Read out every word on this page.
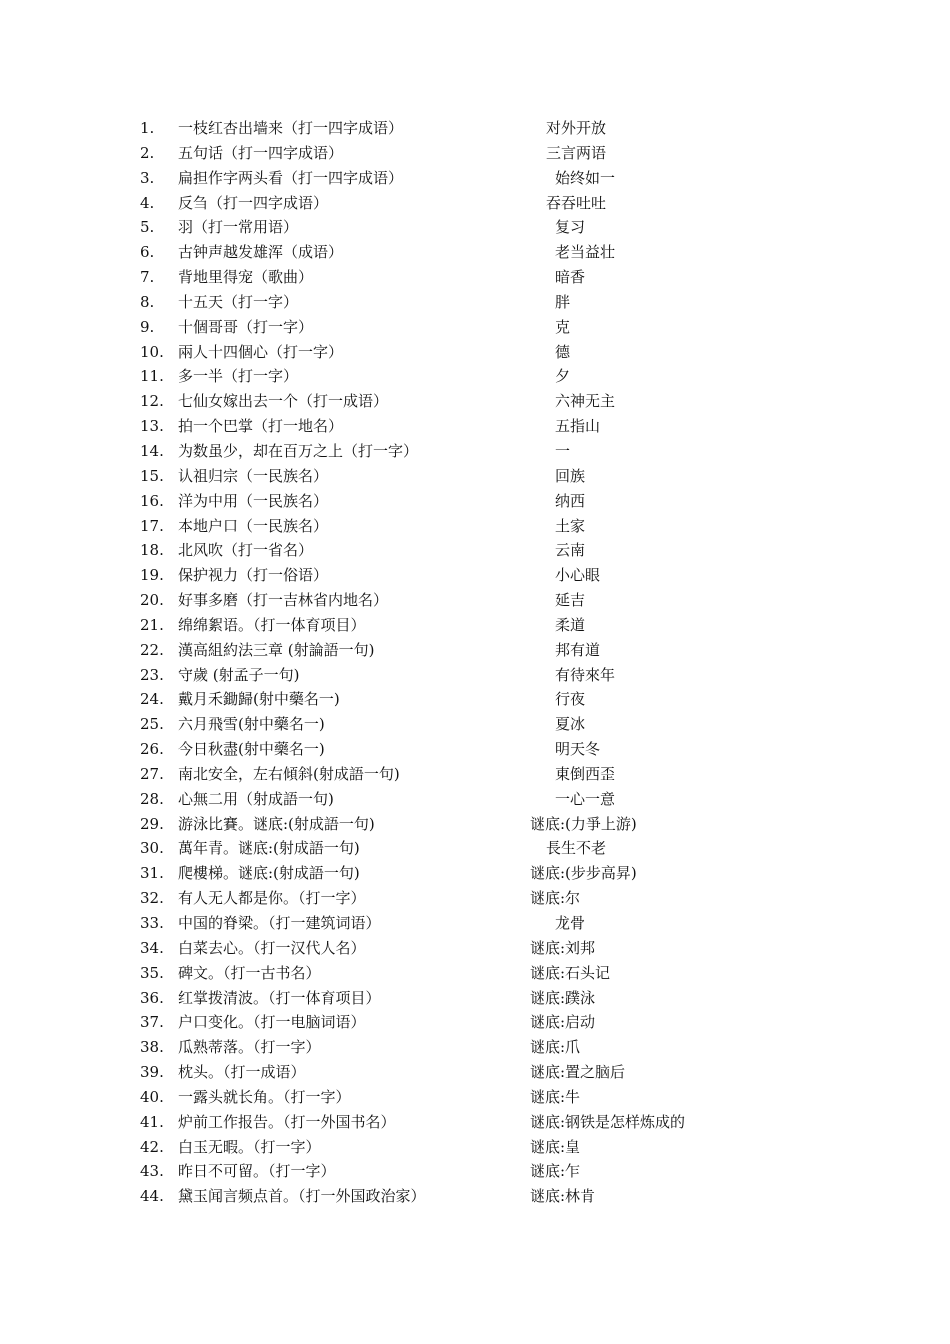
1.	一枝红杏出墙来（打一四字成语）	对外开放
2.	五句话（打一四字成语）	三言两语
3.	扁担作字两头看（打一四字成语）	始终如一
4.	反刍（打一四字成语）	吞吞吐吐
5.	羽（打一常用语）	复习
6.	古钟声越发雄浑（成语）	老当益壮
7.	背地里得宠（歌曲）	暗香
8.	十五天（打一字）	胖
9.	十個哥哥（打一字）	克
10. 兩人十四個心（打一字）	德
11. 多一半（打一字）	夕
12. 七仙女嫁出去一个（打一成语）	六神无主
13. 拍一个巴掌（打一地名）	五指山
14. 为数虽少，却在百万之上（打一字）	一
15. 认祖归宗（一民族名）	回族
16. 洋为中用（一民族名）	纳西
17. 本地户口（一民族名）	土家
18. 北风吹（打一省名）	云南
19. 保护视力（打一俗语）	小心眼
20. 好事多磨（打一吉林省内地名）	延吉
21. 绵绵絮语。（打一体育项目）	柔道
22. 漢高組約法三章 (射論語一句)	邦有道
23. 守歲 (射孟子一句)	有待來年
24. 戴月禾鋤歸(射中藥名一)	行夜
25. 六月飛雪(射中藥名一)	夏冰
26. 今日秋盡(射中藥名一)	明天冬
27. 南北安全，左右傾斜(射成語一句)	東倒西歪
28. 心無二用（射成語一句)	一心一意
29. 游泳比賽。谜底:(射成語一句)	谜底:(力爭上游)
30. 萬年青。谜底:(射成語一句)	長生不老
31. 爬樓梯。谜底:(射成語一句)	谜底:(步步高昇)
32. 有人无人都是你。（打一字）	谜底:尔
33. 中国的脊梁。（打一建筑词语）	龙骨
34. 白菜去心。（打一汉代人名）	谜底:刘邦
35. 碑文。（打一古书名）	谜底:石头记
36. 红掌拨清波。（打一体育项目）	谜底:蹼泳
37. 户口变化。（打一电脑词语）	谜底:启动
38. 瓜熟蒂落。（打一字）	谜底:爪
39. 枕头。（打一成语）	谜底:置之脑后
40. 一露头就长角。（打一字）	谜底:牛
41. 炉前工作报告。（打一外国书名）	谜底:钢铁是怎样炼成的
42. 白玉无暇。（打一字）	谜底:皇
43. 昨日不可留。（打一字）	谜底:乍
44. 黛玉闻言频点首。（打一外国政治家）	谜底:林肯
